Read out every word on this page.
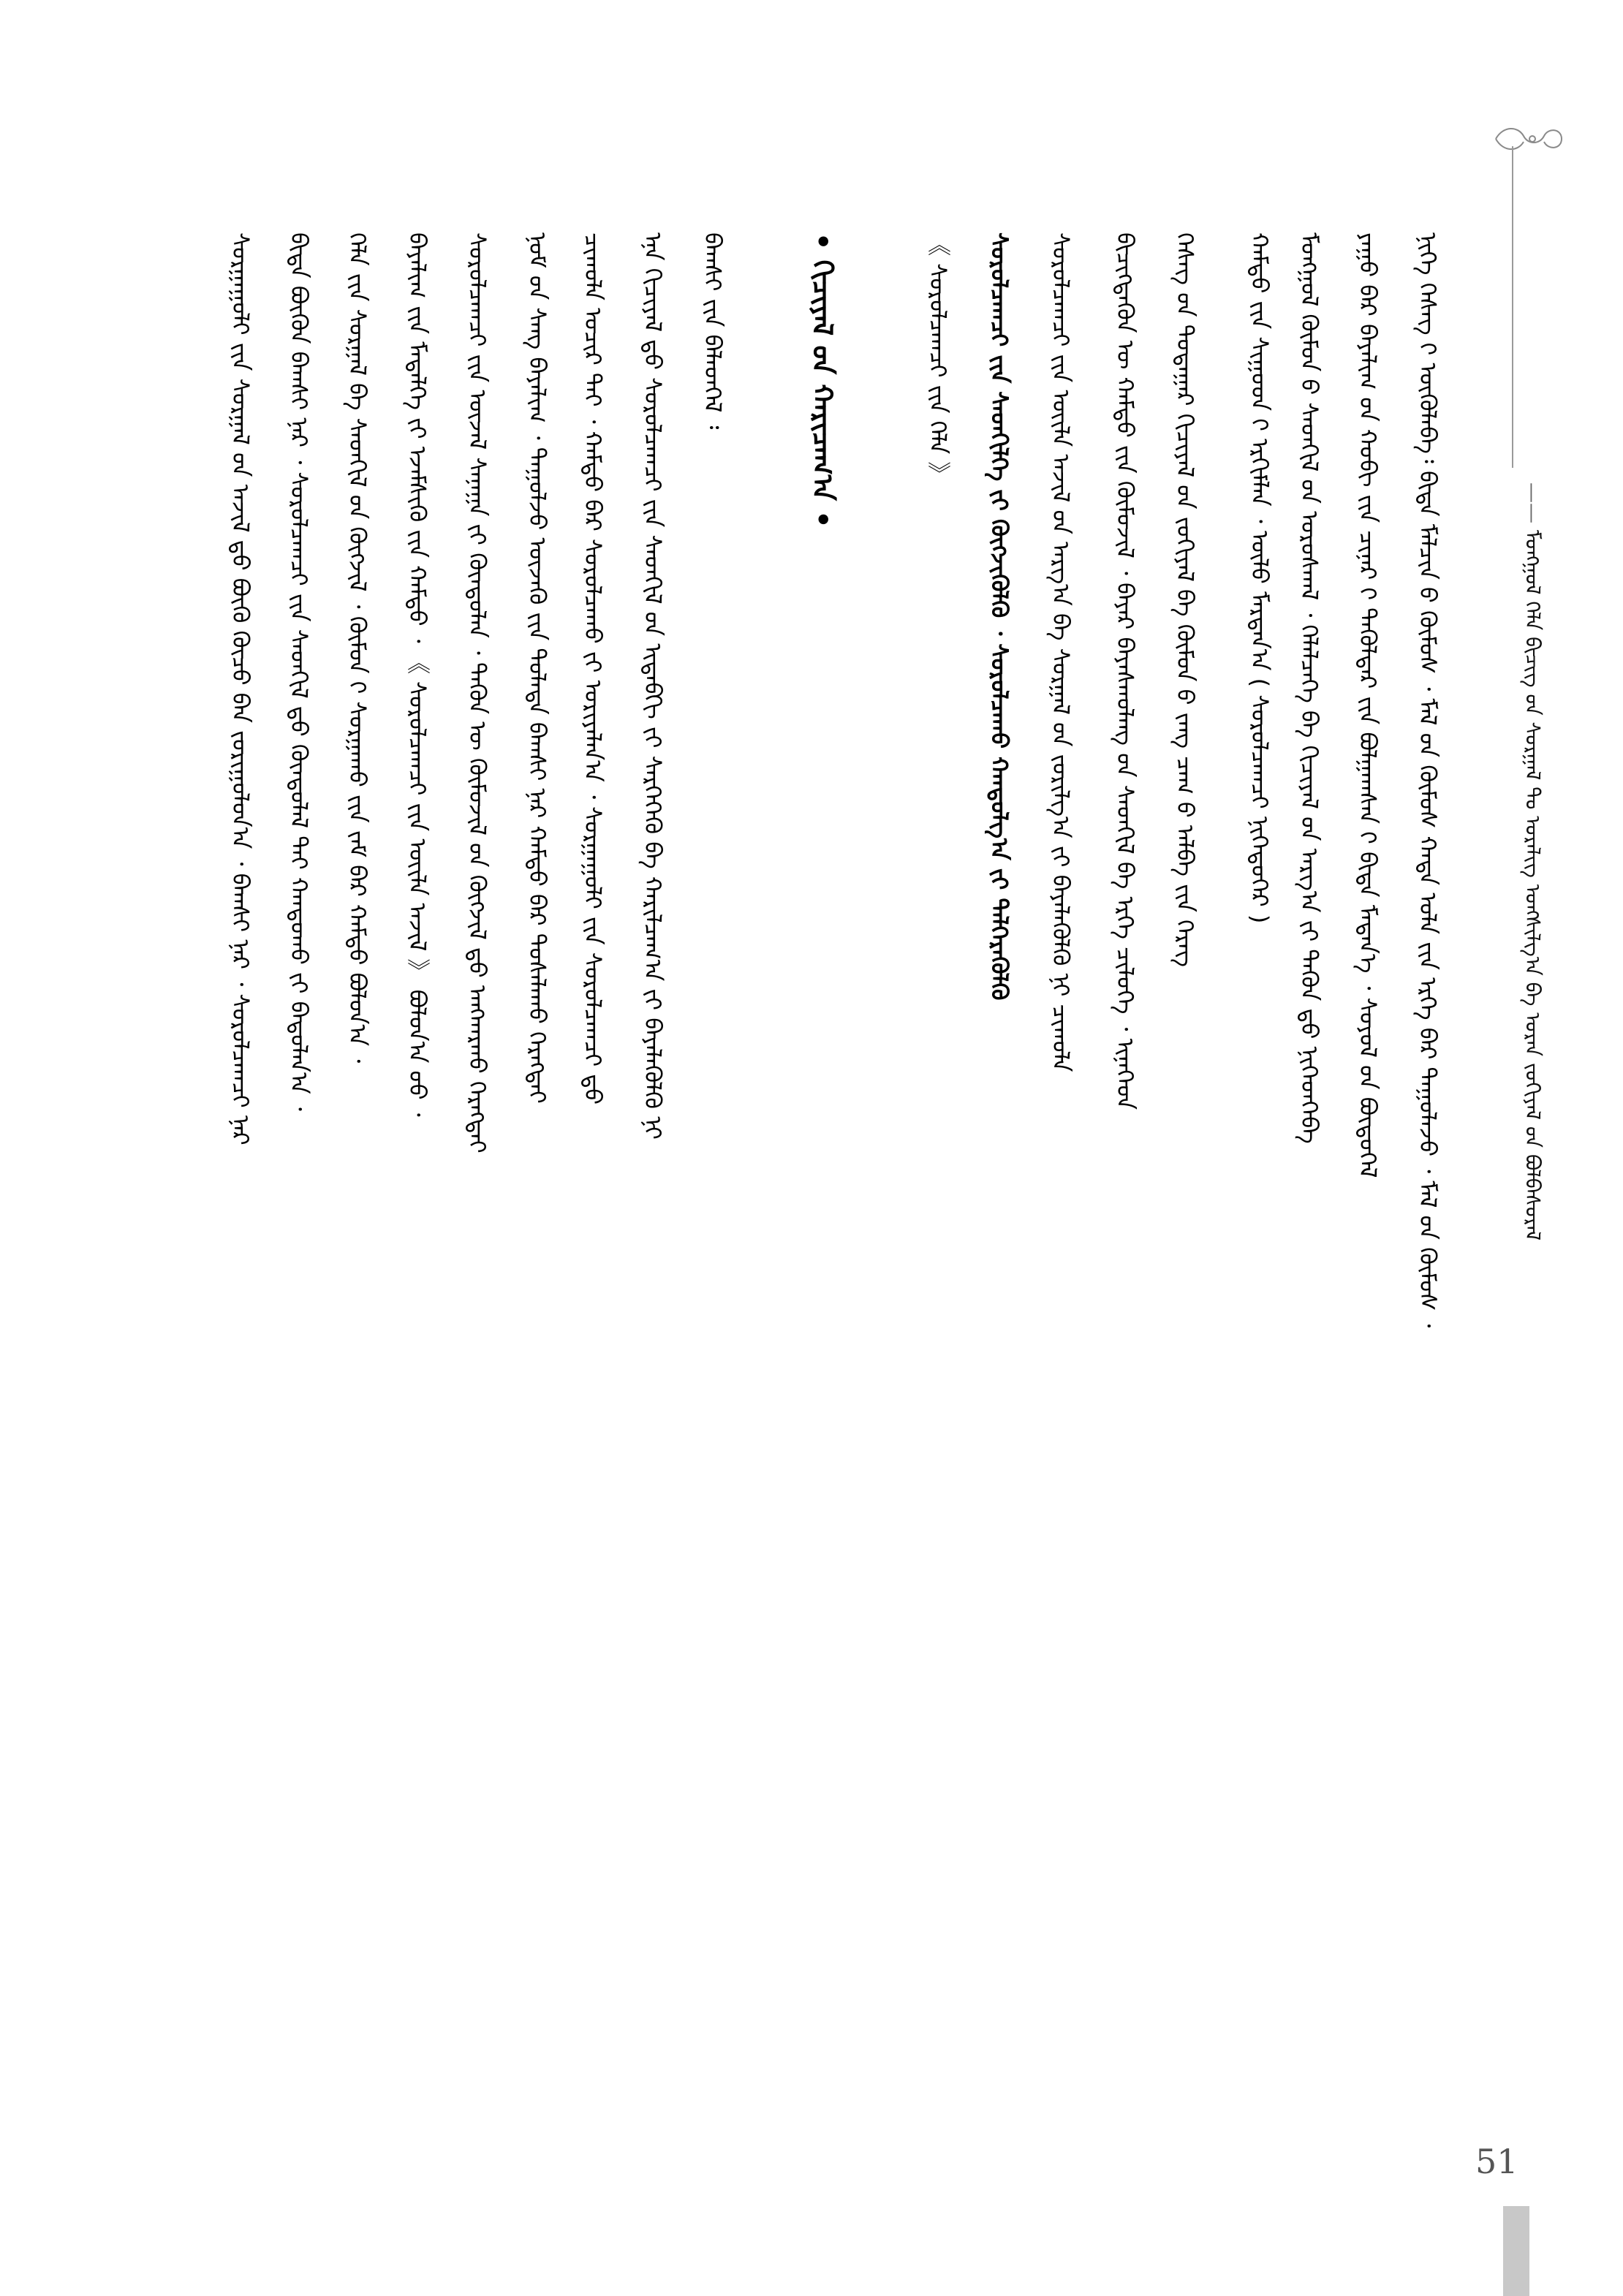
—— ᠮᠣᠩᠭᠣᠯ ᠬᠡᠯᠡ ᠪᠢᠴᠢᠭ᠌ ᠤ᠋ᠨ ᠰᠤᠷᠭᠠᠯ ᠲᠤ ᠤᠷᠠᠯᠢᠭ᠌ ᠤᠩᠰᠢᠯᠭ᠎ᠠ ᠪᠠ ᠤᠷᠠᠨ ᠵᠣᠬᠢᠶᠠᠯ ᠤ᠋ᠨ ᠪᠣᠯᠪᠠᠰᠤᠷᠠᠯ
ᠨᠢᠭᠡ ᠬᠡᠰᠡᠭ ᠢ᠋ ᠦᠭᠦᠯᠡᠪᠡ᠄ ᠪᠢᠳᠡ ᠮᠠᠯᠴᠢᠨ ᠤ᠋ ᠬᠦᠮᠦᠰ ᠂ ᠮᠠᠯ ᠤ᠋ᠨ ᠬᠦᠮᠦᠰ ᠬᠠᠳᠠ ᠤᠯᠠ ᠶ᠋ᠢᠨ ᠡᠷᠬᠡ ᠪᠠᠷ ᠲᠠᠭᠤᠯᠠᠵᠤ ᠂ ᠮᠠᠯ ᠤ᠋ᠨ ᠬᠦᠮᠦᠰ ᠂
ᠶᠠᠭᠤ ᠪᠠᠷ ᠪᠠᠶᠠᠯᠢᠭ ᠤ᠋ᠨ ᠬᠤᠪᠢ ᠶ᠋ᠢᠨ ᠴᠢᠨᠠᠷ ᠢ᠋ ᠲᠡᠭᠦᠯᠳᠡᠷ ᠵᠢᠨ ᠪᠣᠯᠭᠠᠭᠰᠠᠨ ᠢ᠋ ᠪᠢᠳᠡ ᠮᠡᠳᠡᠨ᠎ᠡ ᠂ ᠰᠣᠶᠣᠯ ᠤ᠋ᠨ ᠪᠦᠲᠦᠭᠡᠯ
ᠮᠣᠩᠭᠣᠯ ᠬᠦᠮᠦᠨ ᠤ᠋ ᠰᠡᠳᠬᠢᠯ ᠤ᠋ᠨ ᠤᠷᠤᠰᠬᠠᠯ ᠂ ᠬᠡᠯᠡᠯᠴᠡᠭᠡ ᠪᠠ ᠬᠢᠴᠢᠶᠡᠯ ᠤ᠋ᠨ ᠠᠷᠭ᠎ᠠ ᠶ᠋ᠢ ᠲᠡᠭᠦᠨ ᠳ᠋ᠦ ᠨᠢᠭᠡᠳᠬᠡᠪᠡ
ᠬᠠᠮᠲᠤ ᠶ᠋ᠢᠨ ᠰᠢᠭᠤᠳ ᠢ᠋ ᠡᠷᠬᠢᠮᠯᠡᠨ ᠂ ᠦᠯᠦ ᠮᠠᠷᠲᠠᠨ᠎ᠠ ( ᠰᠤᠷᠤᠯᠴᠠᠭᠴᠢ ᠨᠢᠭᠡᠳᠦᠭᠡᠷ )
ᠬᠡᠰᠡᠭ ᠤ᠋ᠨ ᠳᠤᠲᠠᠭᠠᠷ ᠬᠢᠴᠢᠶᠡᠯ ᠤ᠋ᠨ ᠵᠣᠬᠢᠶᠠᠯ ᠪᠠ ᠬᠦᠮᠦᠨ ᠤ᠋ ᠵᠠᠩ ᠴᠠᠭ ᠤ᠋ ᠠᠯᠪᠠ ᠶ᠋ᠢᠨ ᠬᠡᠷᠡᠭ
ᠪᠢᠴᠢᠭᠳᠡᠭᠦᠨ ᠦ ᠬᠠᠮᠲᠤ ᠶ᠋ᠢᠨ ᠬᠦᠮᠦᠵᠢᠯ ᠂ ᠪᠠᠶᠠᠷ ᠪᠠᠶᠠᠰᠬᠤᠯᠠᠩ ᠤ᠋ᠨ ᠰᠡᠳᠬᠢᠯ ᠪᠠ ᠡᠷᠬᠡ ᠴᠢᠯᠦᠭᠡ ᠂ ᠢᠨᠡᠭᠡᠳ
ᠰᠤᠷᠤᠯᠴᠠᠭᠴᠢ ᠶ᠋ᠢᠨ ᠦᠢᠯᠡ ᠠᠵᠢᠯ ᠤ᠋ᠨ ᠠᠷᠭ᠎ᠠ ᠪᠠ ᠰᠤᠷᠭᠠᠯ ᠤ᠋ᠨ ᠵᠣᠷᠢᠯᠭ᠎ᠠ ᠶ᠋ᠢ ᠪᠡᠶᠡᠯᠡᠭᠦᠯᠬᠦ ᠨᠢ ᠴᠢᠬᠤᠯᠠ
ᠰᠤᠷᠤᠯᠴᠠᠭᠴᠢ ᠶ᠋ᠢᠨ ᠰᠡᠳᠬᠢᠯᠭᠡ ᠶ᠋ᠢ ᠬᠥᠭᠵᠢᠭᠦᠯᠬᠦ ᠂ ᠰᠤᠷᠤᠯᠴᠠᠬᠤ ᠬᠠᠨᠳᠤᠯᠭ᠎ᠠ ᠶ᠋ᠢ ᠲᠡᠯᠭᠡᠷᠡᠭᠦᠯᠬᠦ
《 ᠰᠤᠷᠤᠯᠴᠠᠭᠴᠢ ᠶ᠋ᠢᠨ ᠬᠡᠯᠡ 》
• ᠬᠢᠴᠢᠶᠡᠯ ᠤ᠋ᠨ ᠬᠠᠷᠢᠴᠠᠭ᠎ᠠ •
ᠪᠠᠭᠰᠢ ᠶ᠋ᠢᠨ ᠪᠡᠯᠡᠳᠬᠡᠯ ᠄
ᠡᠨᠡ ᠬᠢᠴᠢᠶᠡᠯ ᠳ᠋ᠦ ᠰᠤᠷᠤᠯᠴᠠᠭᠴᠢ ᠶ᠋ᠢᠨ ᠰᠡᠳᠬᠢᠯ ᠤ᠋ᠨ ᠢᠳᠡᠪᠬᠢ ᠶ᠋ᠢ ᠰᠡᠷᠭᠡᠭᠡᠬᠦ ᠪᠠ ᠬᠠᠷᠢᠯᠴᠠᠭ᠎ᠠ ᠶ᠋ᠢ ᠪᠡᠶᠡᠯᠡᠭᠦᠯᠬᠦ ᠨᠢ
ᠴᠢᠬᠤᠯᠠ ᠤᠴᠢᠷ ᠲᠠᠢ ᠂ ᠬᠠᠮᠲᠤ ᠪᠡᠷ ᠰᠤᠷᠤᠯᠴᠠᠬᠤ ᠶ᠋ᠢ ᠤᠷᠢᠶᠠᠯᠠᠨ᠎ᠠ ᠂ ᠰᠤᠷᠭᠠᠭᠤᠯᠢ ᠶ᠋ᠢᠨ ᠰᠤᠷᠤᠯᠴᠠᠭᠴᠢ ᠳ᠋ᠤ
ᠨᠣᠮ ᠤ᠋ᠨ ᠰᠠᠩ ᠪᠠᠶᠠᠯᠢᠭ ᠂ ᠲᠠᠭᠤᠯᠵᠤ ᠦᠵᠡᠬᠦ ᠶ᠋ᠢᠨ ᠲᠤᠯᠠᠳᠠ ᠪᠠᠭᠰᠢ ᠨᠠᠷ ᠬᠠᠮᠲᠤ ᠪᠡᠷ ᠲᠤᠰᠠᠯᠠᠬᠤ ᠬᠡᠷᠡᠭᠲᠡᠢ
ᠰᠤᠷᠤᠯᠴᠠᠭᠴᠢ ᠶ᠋ᠢᠨ ᠦᠵᠡᠯ ᠰᠠᠨᠠᠭᠠ ᠶ᠋ᠢ ᠬᠦᠨᠳᠦᠯᠡᠨ ᠂ ᠲᠡᠭᠦᠨ ᠦ ᠬᠦᠮᠦᠵᠢᠯ ᠤ᠋ᠨ ᠬᠥᠭᠵᠢᠯ ᠳ᠋ᠦ ᠠᠩᠬᠠᠷᠬᠤ ᠬᠡᠷᠡᠭᠲᠡᠢ
ᠪᠠᠶᠠᠯᠢᠭ ᠵᠢᠨ ᠮᠡᠳᠡᠯᠭᠡ ᠶ᠋ᠢ ᠡᠵᠡᠮᠰᠢᠬᠦ ᠶ᠋ᠢᠨ ᠬᠠᠮᠲᠤ ᠂ 《 ᠰᠤᠷᠤᠯᠴᠠᠭᠴᠢ ᠶ᠋ᠢᠨ ᠦᠢᠯᠡ ᠠᠵᠢᠯ 》 ᠪᠣᠯᠤᠨ᠎ᠠ ᠤᠤ ᠂
ᠬᠡᠯᠡ ᠶ᠋ᠢᠨ ᠰᠤᠷᠭᠠᠯ ᠪᠠ ᠰᠡᠳᠬᠢᠯ ᠤ᠋ᠨ ᠬᠥᠭᠵᠢᠯ ᠂ ᠬᠦᠮᠦᠨ ᠢ᠋ ᠰᠤᠷᠭᠠᠬᠤ ᠶ᠋ᠢᠨ ᠵᠠᠮ ᠪᠠᠷ ᠬᠠᠮᠲᠤ ᠪᠣᠯᠤᠨ᠎ᠠ ᠂
ᠪᠢᠳᠡ ᠪᠦᠬᠦᠨ ᠪᠠᠭᠰᠢ ᠨᠠᠷ ᠂ ᠰᠤᠷᠤᠯᠴᠠᠭᠴᠢ ᠶ᠋ᠢᠨ ᠰᠡᠳᠬᠢᠯ ᠳ᠋ᠦ ᠬᠦᠨᠳᠦᠯᠡᠯ ᠲᠠᠢ ᠬᠠᠨᠳᠤᠬᠤ ᠶ᠋ᠢ ᠪᠠᠲᠤᠯᠠᠨ᠎ᠠ ᠂
ᠰᠤᠷᠭᠠᠭᠤᠯᠢ ᠶ᠋ᠢᠨ ᠰᠤᠷᠭᠠᠯ ᠤ᠋ᠨ ᠠᠵᠢᠯ ᠳ᠋ᠤ ᠪᠦᠬᠦ ᠬᠦᠴᠦ ᠪᠡᠨ ᠵᠣᠷᠢᠭᠤᠯᠤᠨ᠎ᠠ ᠂ ᠪᠠᠭᠰᠢ ᠨᠠᠷ ᠂ ᠰᠤᠷᠤᠯᠴᠠᠭᠴᠢ ᠨᠠᠷ
51
